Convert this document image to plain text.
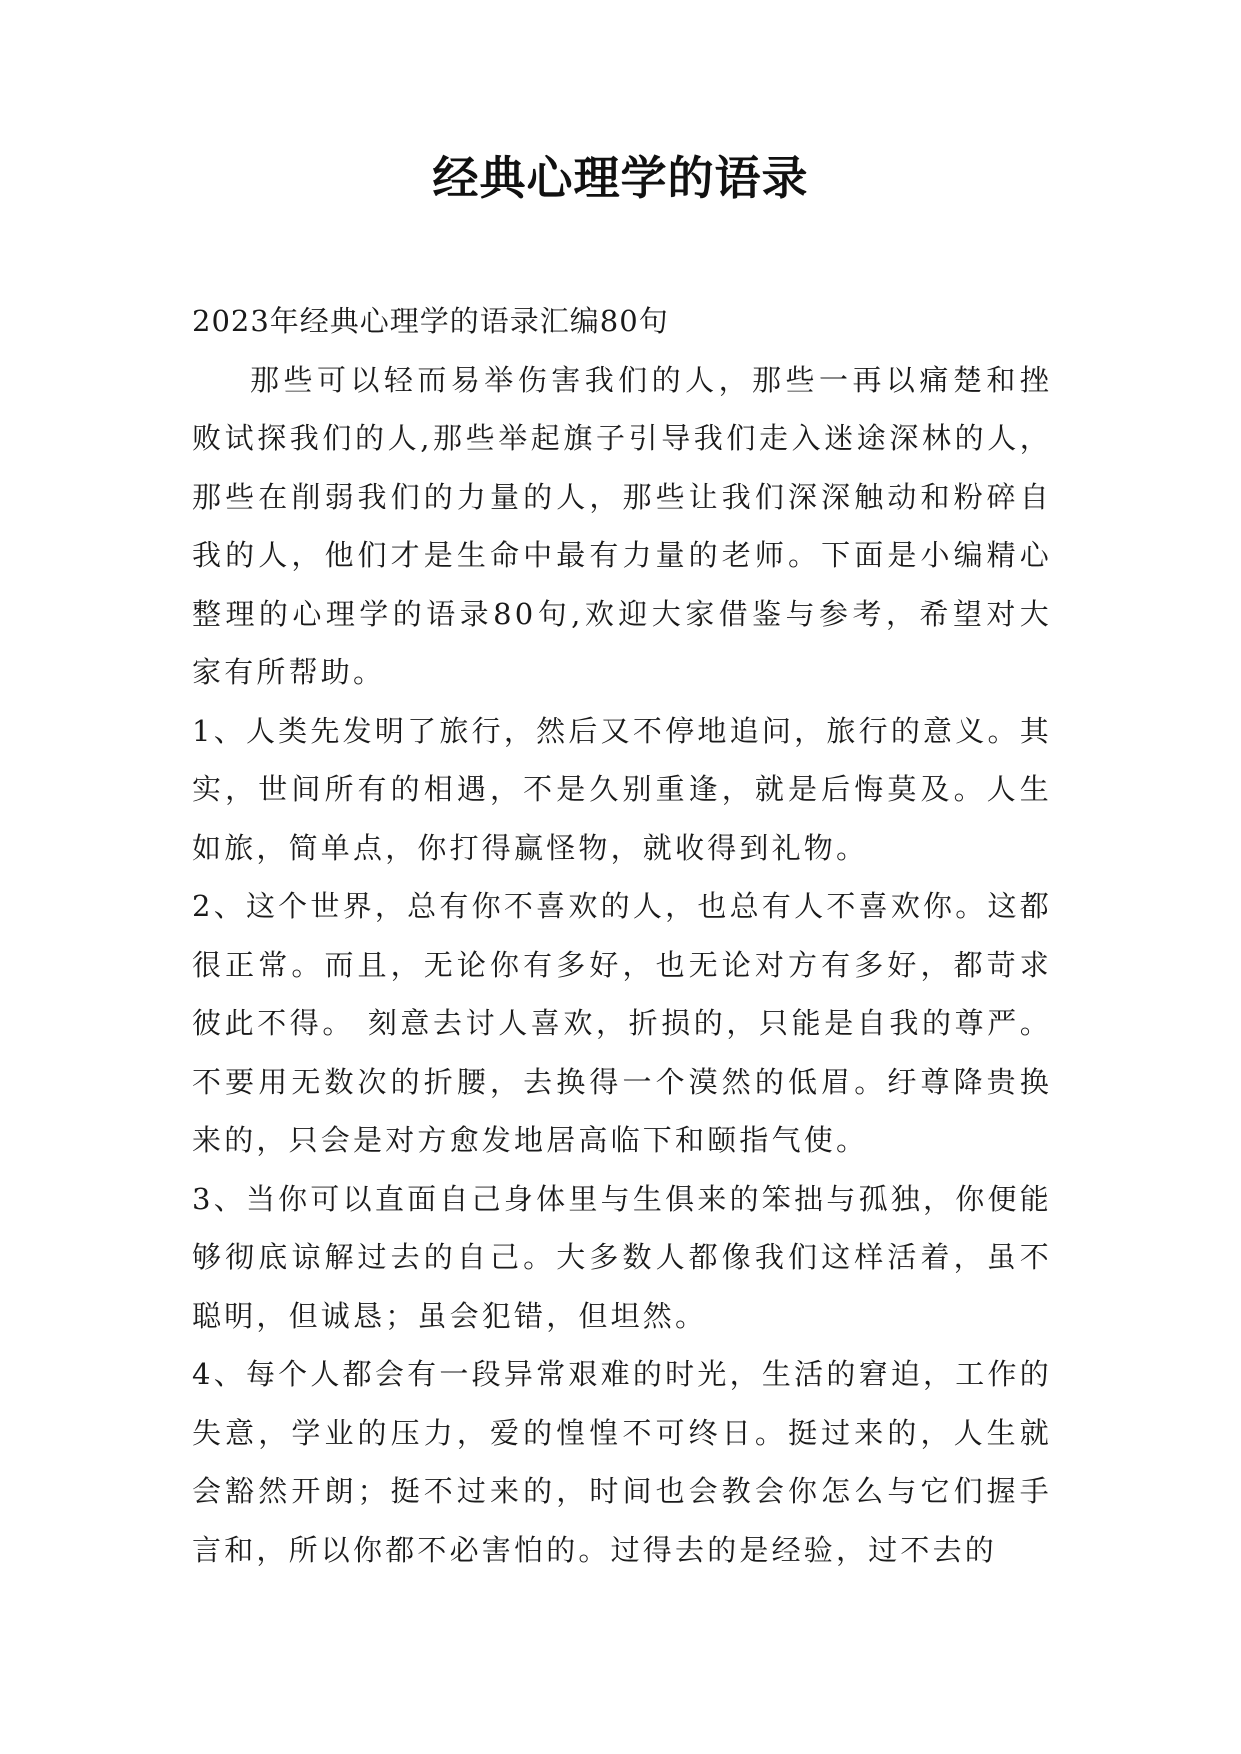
经典心理学的语录

2023年经典心理学的语录汇编80句

那些可以轻而易举伤害我们的人，那些一再以痛楚和挫败试探我们的人,那些举起旗子引导我们走入迷途深林的人，那些在削弱我们的力量的人，那些让我们深深触动和粉碎自我的人，他们才是生命中最有力量的老师。下面是小编精心整理的心理学的语录80句,欢迎大家借鉴与参考，希望对大家有所帮助。

1、人类先发明了旅行，然后又不停地追问，旅行的意义。其实，世间所有的相遇，不是久别重逢，就是后悔莫及。人生如旅，简单点，你打得赢怪物，就收得到礼物。

2、这个世界，总有你不喜欢的人，也总有人不喜欢你。这都很正常。而且，无论你有多好，也无论对方有多好，都苛求彼此不得。 刻意去讨人喜欢，折损的，只能是自我的尊严。不要用无数次的折腰，去换得一个漠然的低眉。纡尊降贵换来的，只会是对方愈发地居高临下和颐指气使。

3、当你可以直面自己身体里与生俱来的笨拙与孤独，你便能够彻底谅解过去的自己。大多数人都像我们这样活着，虽不聪明，但诚恳；虽会犯错，但坦然。

4、每个人都会有一段异常艰难的时光，生活的窘迫，工作的失意，学业的压力，爱的惶惶不可终日。挺过来的，人生就会豁然开朗；挺不过来的，时间也会教会你怎么与它们握手言和，所以你都不必害怕的。过得去的是经验，过不去的
